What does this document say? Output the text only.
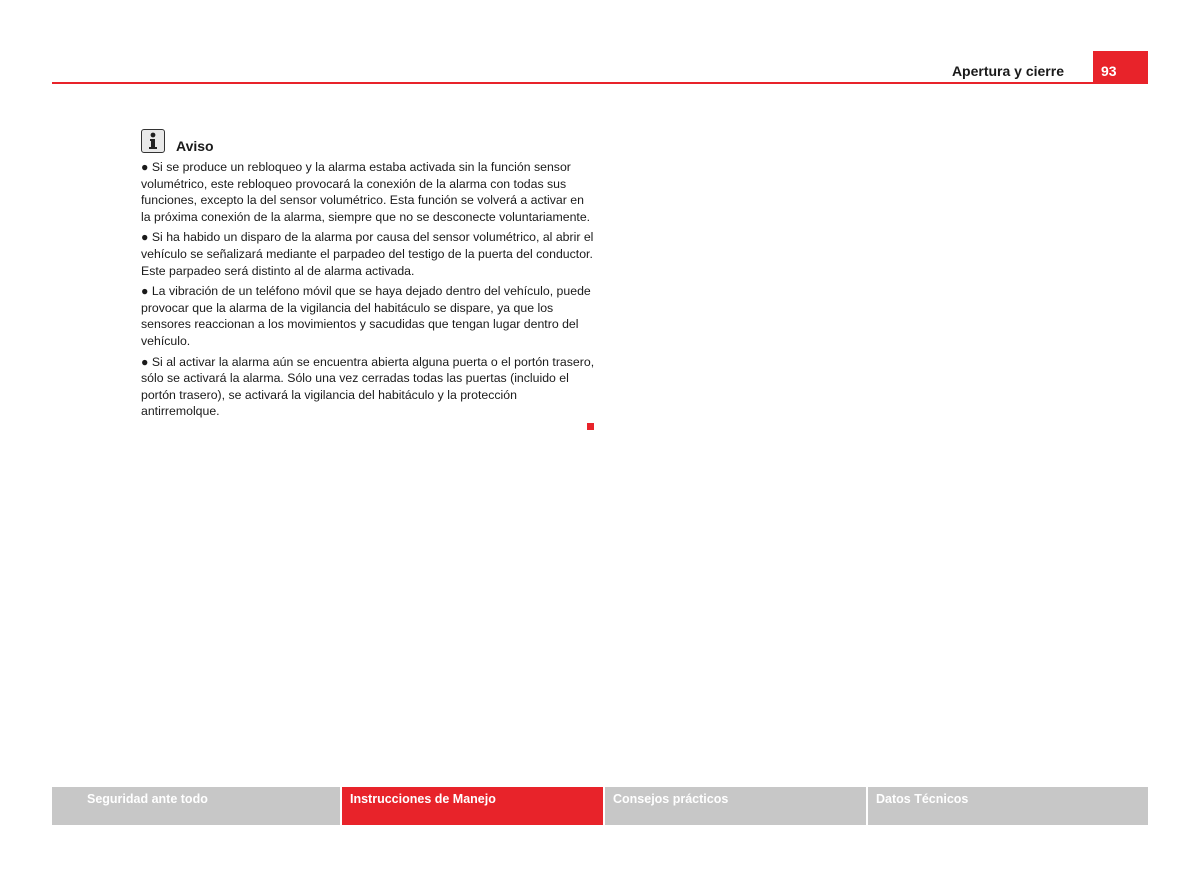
Apertura y cierre	93
Aviso

● Si se produce un rebloqueo y la alarma estaba activada sin la función sensor volumétrico, este rebloqueo provocará la conexión de la alarma con todas sus funciones, excepto la del sensor volumétrico. Esta función se volverá a activar en la próxima conexión de la alarma, siempre que no se desconecte voluntariamente.

● Si ha habido un disparo de la alarma por causa del sensor volumétrico, al abrir el vehículo se señalizará mediante el parpadeo del testigo de la puerta del conductor. Este parpadeo será distinto al de alarma activada.

● La vibración de un teléfono móvil que se haya dejado dentro del vehículo, puede provocar que la alarma de la vigilancia del habitáculo se dispare, ya que los sensores reaccionan a los movimientos y sacudidas que tengan lugar dentro del vehículo.

● Si al activar la alarma aún se encuentra abierta alguna puerta o el portón trasero, sólo se activará la alarma. Sólo una vez cerradas todas las puertas (incluido el portón trasero), se activará la vigilancia del habitáculo y la protección antirremolque.

Seguridad ante todo	Instrucciones de Manejo	Consejos prácticos	Datos Técnicos
